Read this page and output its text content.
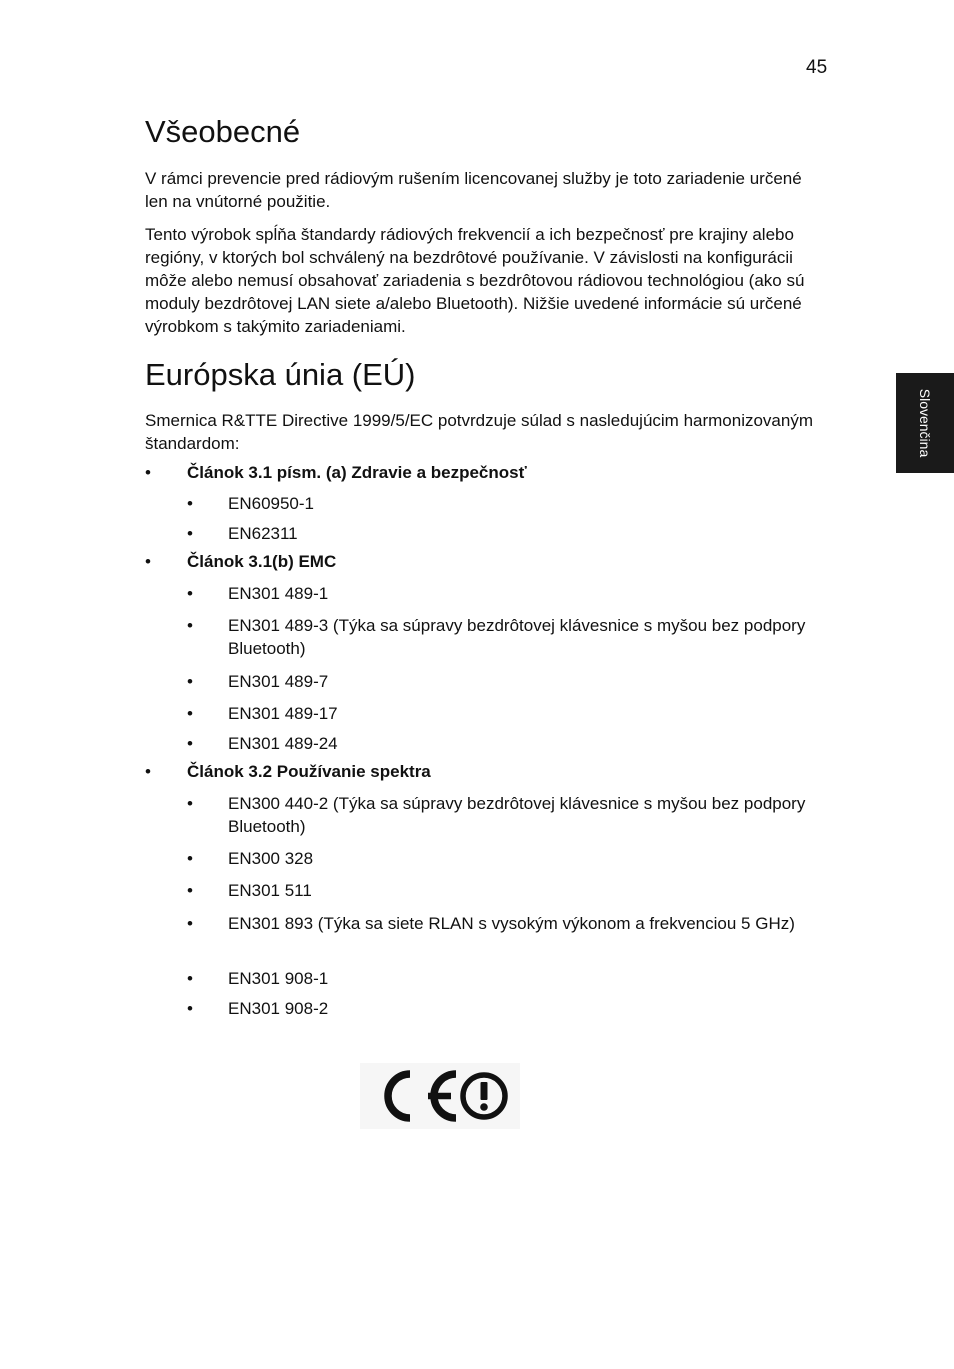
45
Slovenčina
Všeobecné

V rámci prevencie pred rádiovým rušením licencovanej služby je toto zariadenie určené len na vnútorné použitie.

Tento výrobok spĺňa štandardy rádiových frekvencií a ich bezpečnosť pre krajiny alebo regióny, v ktorých bol schválený na bezdrôtové používanie. V závislosti na konfigurácii môže alebo nemusí obsahovať zariadenia s bezdrôtovou rádiovou technológiou (ako sú moduly bezdrôtovej LAN siete a/alebo Bluetooth). Nižšie uvedené informácie sú určené výrobkom s takýmito zariadeniami.

Európska únia (EÚ)

Smernica R&TTE Directive 1999/5/EC potvrdzuje súlad s nasledujúcim harmonizovaným štandardom:

• Článok 3.1 písm. (a) Zdravie a bezpečnosť
• EN60950-1
• EN62311
• Článok 3.1(b) EMC
• EN301 489-1
• EN301 489-3 (Týka sa súpravy bezdrôtovej klávesnice s myšou bez podpory Bluetooth)
• EN301 489-7
• EN301 489-17
• EN301 489-24
• Článok 3.2 Používanie spektra
• EN300 440-2 (Týka sa súpravy bezdrôtovej klávesnice s myšou bez podpory Bluetooth)
• EN300 328
• EN301 511
• EN301 893 (Týka sa siete RLAN s vysokým výkonom a frekvenciou 5 GHz)
• EN301 908-1
• EN301 908-2
